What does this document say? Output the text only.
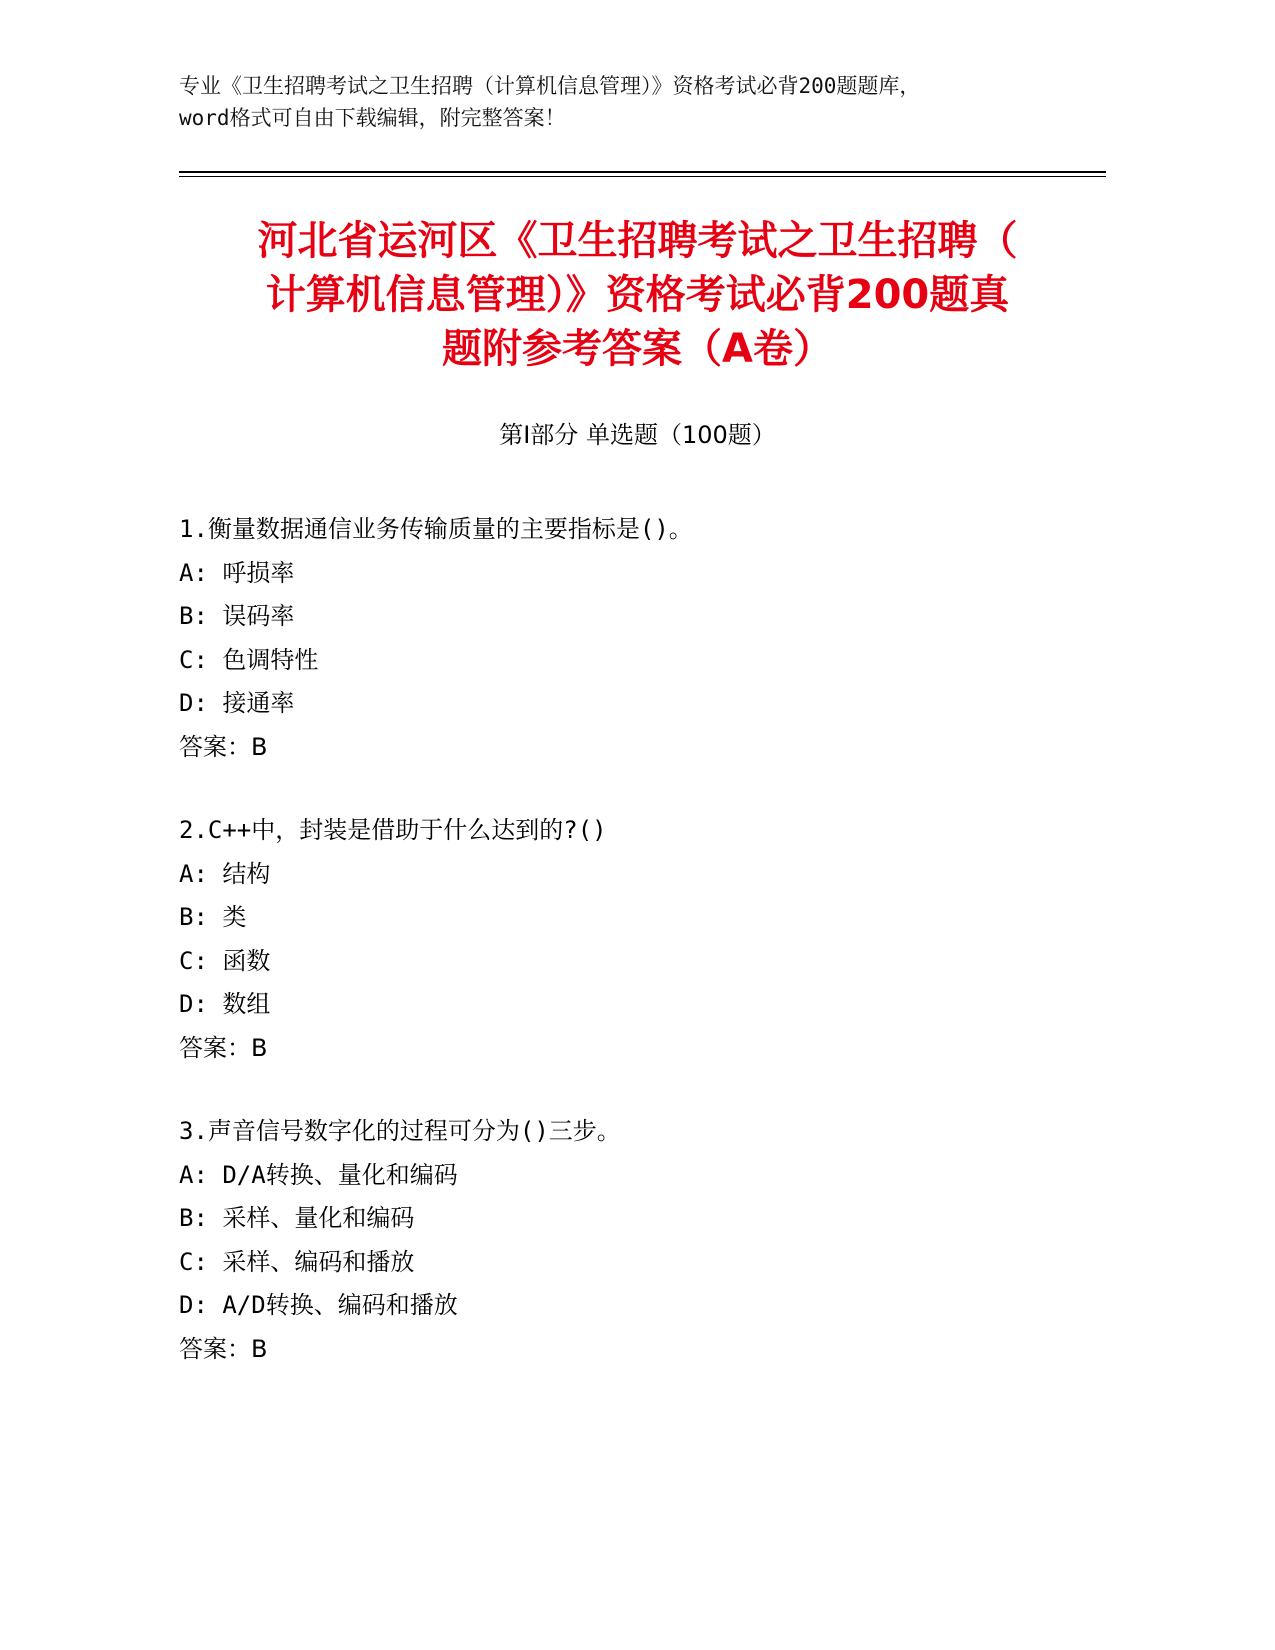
专业《卫生招聘考试之卫生招聘（计算机信息管理）》资格考试必背200题题库，
word格式可自由下载编辑，附完整答案！
河北省运河区《卫生招聘考试之卫生招聘（
计算机信息管理）》资格考试必背200题真
题附参考答案（A卷）
第I部分 单选题（100题）
1.衡量数据通信业务传输质量的主要指标是()。
A: 呼损率
B: 误码率
C: 色调特性
D: 接通率
答案：B
2.C++中，封装是借助于什么达到的?()
A: 结构
B: 类
C: 函数
D: 数组
答案：B
3.声音信号数字化的过程可分为()三步。
A: D/A转换、量化和编码
B: 采样、量化和编码
C: 采样、编码和播放
D: A/D转换、编码和播放
答案：B
